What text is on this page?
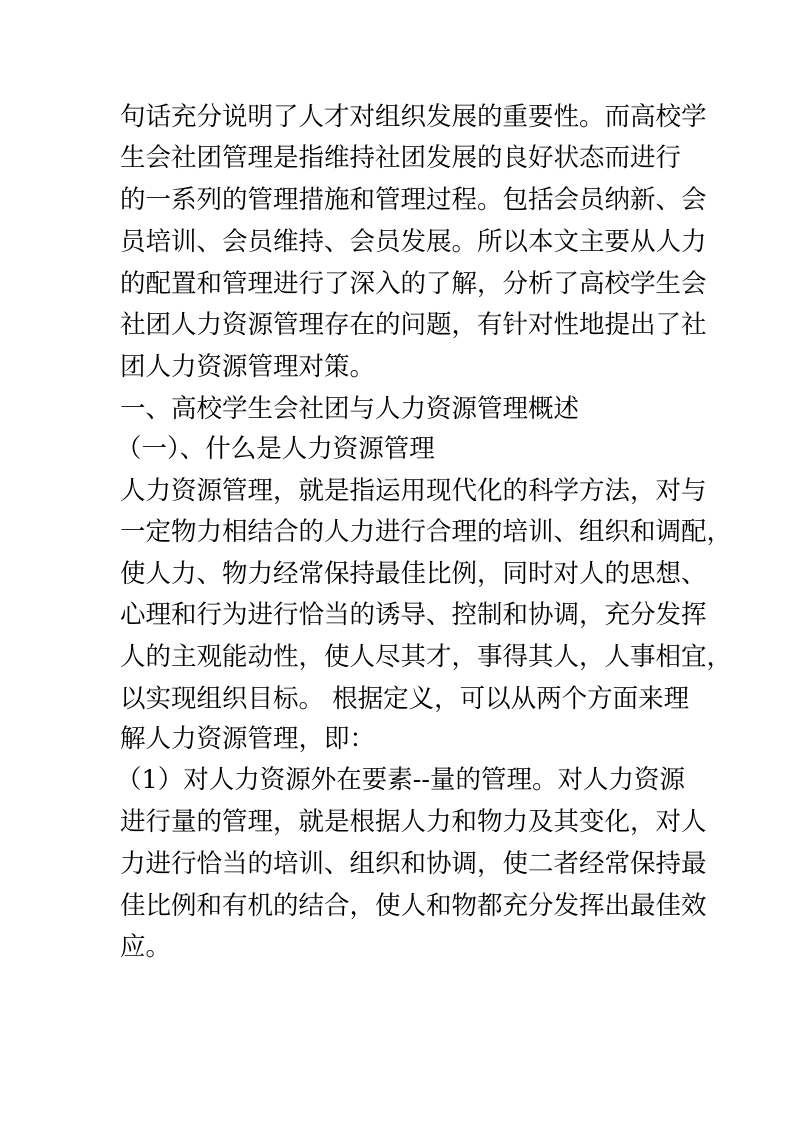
句话充分说明了人才对组织发展的重要性。而高校学
生会社团管理是指维持社团发展的良好状态而进行
的一系列的管理措施和管理过程。包括会员纳新、会
员培训、会员维持、会员发展。所以本文主要从人力
的配置和管理进行了深入的了解，分析了高校学生会
社团人力资源管理存在的问题，有针对性地提出了社
团人力资源管理对策。
一、高校学生会社团与人力资源管理概述
（一）、什么是人力资源管理
人力资源管理，就是指运用现代化的科学方法，对与
一定物力相结合的人力进行合理的培训、组织和调配，
使人力、物力经常保持最佳比例，同时对人的思想、
心理和行为进行恰当的诱导、控制和协调，充分发挥
人的主观能动性，使人尽其才，事得其人，人事相宜，
以实现组织目标。 根据定义，可以从两个方面来理
解人力资源管理，即：
（1）对人力资源外在要素--量的管理。对人力资源
进行量的管理，就是根据人力和物力及其变化，对人
力进行恰当的培训、组织和协调，使二者经常保持最
佳比例和有机的结合，使人和物都充分发挥出最佳效
应。
